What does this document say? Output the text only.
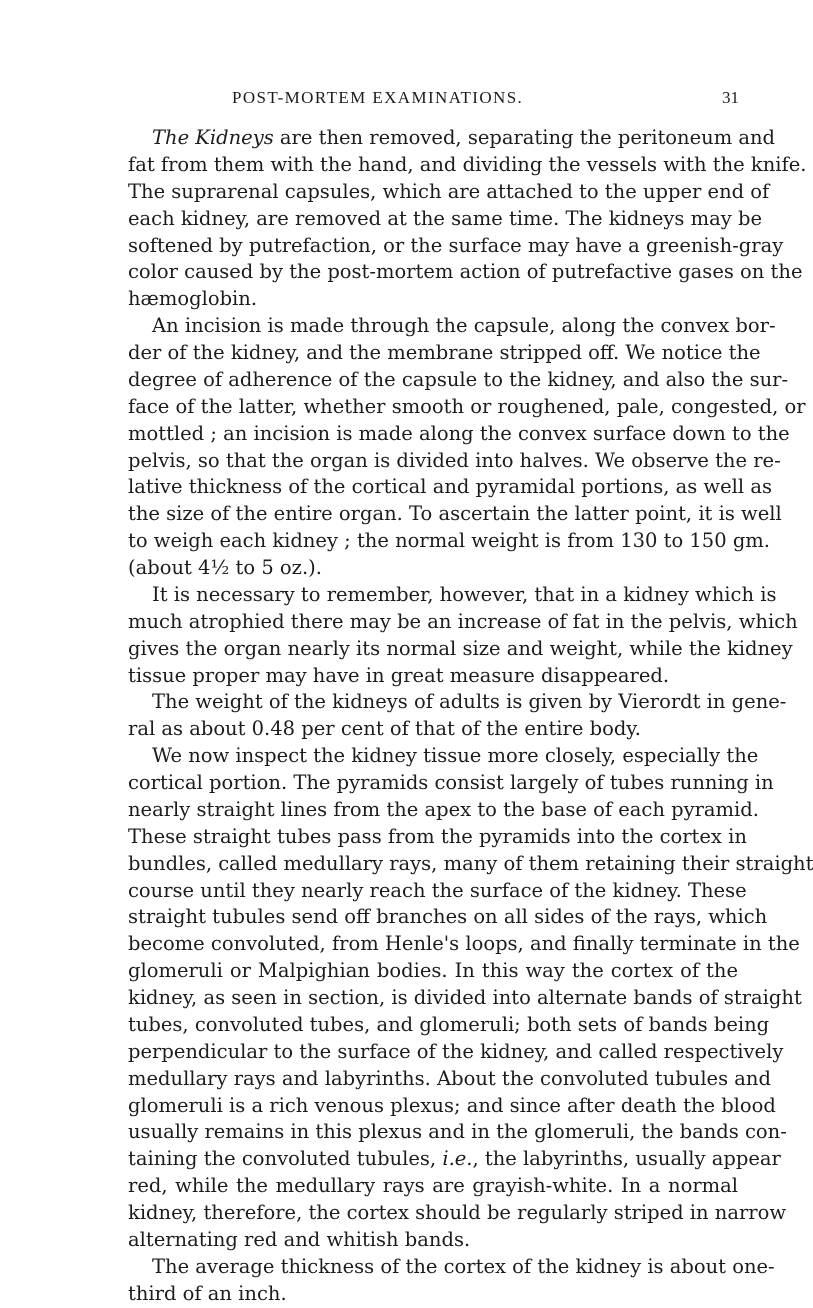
POST-MORTEM EXAMINATIONS.	31
The Kidneys are then removed, separating the peritoneum and
fat from them with the hand, and dividing the vessels with the knife.
The suprarenal capsules, which are attached to the upper end of
each kidney, are removed at the same time. The kidneys may be
softened by putrefaction, or the surface may have a greenish-gray
color caused by the post-mortem action of putrefactive gases on the
hæmoglobin.
An incision is made through the capsule, along the convex bor-
der of the kidney, and the membrane stripped off. We notice the
degree of adherence of the capsule to the kidney, and also the sur-
face of the latter, whether smooth or roughened, pale, congested, or
mottled ; an incision is made along the convex surface down to the
pelvis, so that the organ is divided into halves. We observe the re-
lative thickness of the cortical and pyramidal portions, as well as
the size of the entire organ. To ascertain the latter point, it is well
to weigh each kidney ; the normal weight is from 130 to 150 gm.
(about 4½ to 5 oz.).
It is necessary to remember, however, that in a kidney which is
much atrophied there may be an increase of fat in the pelvis, which
gives the organ nearly its normal size and weight, while the kidney
tissue proper may have in great measure disappeared.
The weight of the kidneys of adults is given by Vierordt in gene-
ral as about 0.48 per cent of that of the entire body.
We now inspect the kidney tissue more closely, especially the
cortical portion. The pyramids consist largely of tubes running in
nearly straight lines from the apex to the base of each pyramid.
These straight tubes pass from the pyramids into the cortex in
bundles, called medullary rays, many of them retaining their straight
course until they nearly reach the surface of the kidney. These
straight tubules send off branches on all sides of the rays, which
become convoluted, from Henle's loops, and finally terminate in the
glomeruli or Malpighian bodies. In this way the cortex of the
kidney, as seen in section, is divided into alternate bands of straight
tubes, convoluted tubes, and glomeruli; both sets of bands being
perpendicular to the surface of the kidney, and called respectively
medullary rays and labyrinths. About the convoluted tubules and
glomeruli is a rich venous plexus; and since after death the blood
usually remains in this plexus and in the glomeruli, the bands con-
taining the convoluted tubules, i.e., the labyrinths, usually appear
red, while the medullary rays are grayish-white. In a normal
kidney, therefore, the cortex should be regularly striped in narrow
alternating red and whitish bands.
The average thickness of the cortex of the kidney is about one-
third of an inch.
